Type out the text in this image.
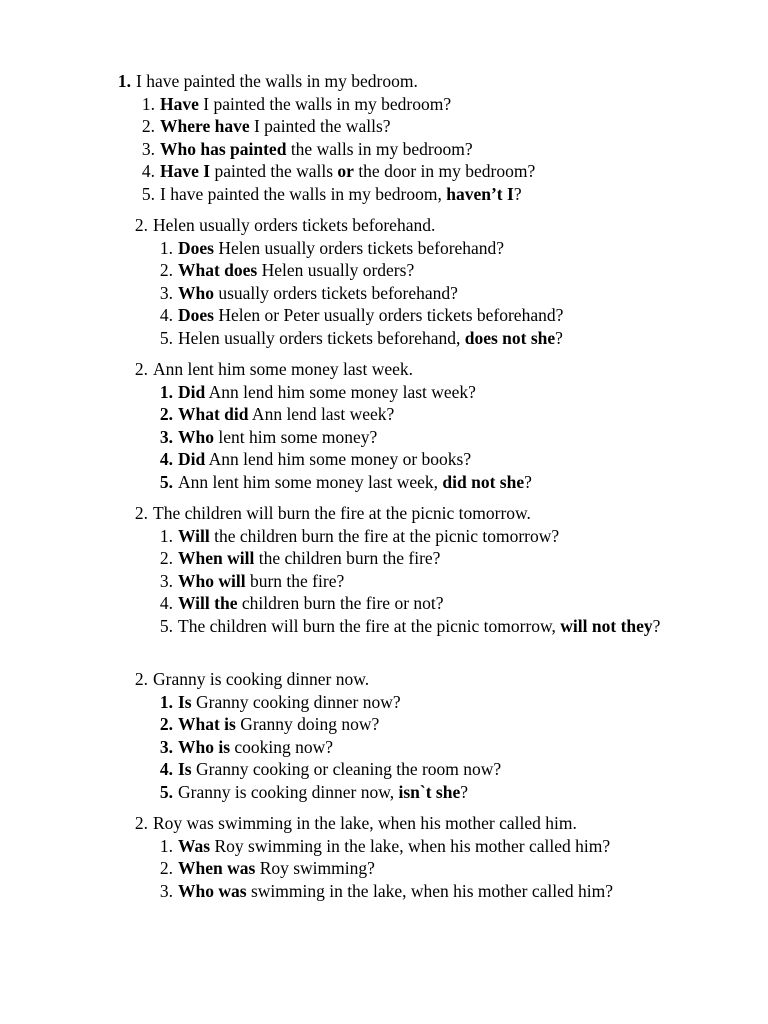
1. I have painted the walls in my bedroom.
1. Have I painted the walls in my bedroom?
2. Where have I painted the walls?
3. Who has painted the walls in my bedroom?
4. Have I painted the walls or the door in my bedroom?
5. I have painted the walls in my bedroom, haven’t I?
2. Helen usually orders tickets beforehand.
1. Does Helen usually orders tickets beforehand?
2. What does Helen usually orders?
3. Who usually orders tickets beforehand?
4. Does Helen or Peter usually orders tickets beforehand?
5. Helen usually orders tickets beforehand, does not she?
2. Ann lent him some money last week.
1. Did Ann lend him some money last week?
2. What did Ann lend last week?
3. Who lent him some money?
4. Did Ann lend him some money or books?
5. Ann lent him some money last week, did not she?
2. The children will burn the fire at the picnic tomorrow.
1. Will the children burn the fire at the picnic tomorrow?
2. When will the children burn the fire?
3. Who will burn the fire?
4. Will the children burn the fire or not?
5. The children will burn the fire at the picnic tomorrow, will not they?
2. Granny is cooking dinner now.
1. Is Granny cooking dinner now?
2. What is Granny doing now?
3. Who is cooking now?
4. Is Granny cooking or cleaning the room now?
5. Granny is cooking dinner now, isn`t she?
2. Roy was swimming in the lake, when his mother called him.
1. Was Roy swimming in the lake, when his mother called him?
2. When was Roy swimming?
3. Who was swimming in the lake, when his mother called him?
